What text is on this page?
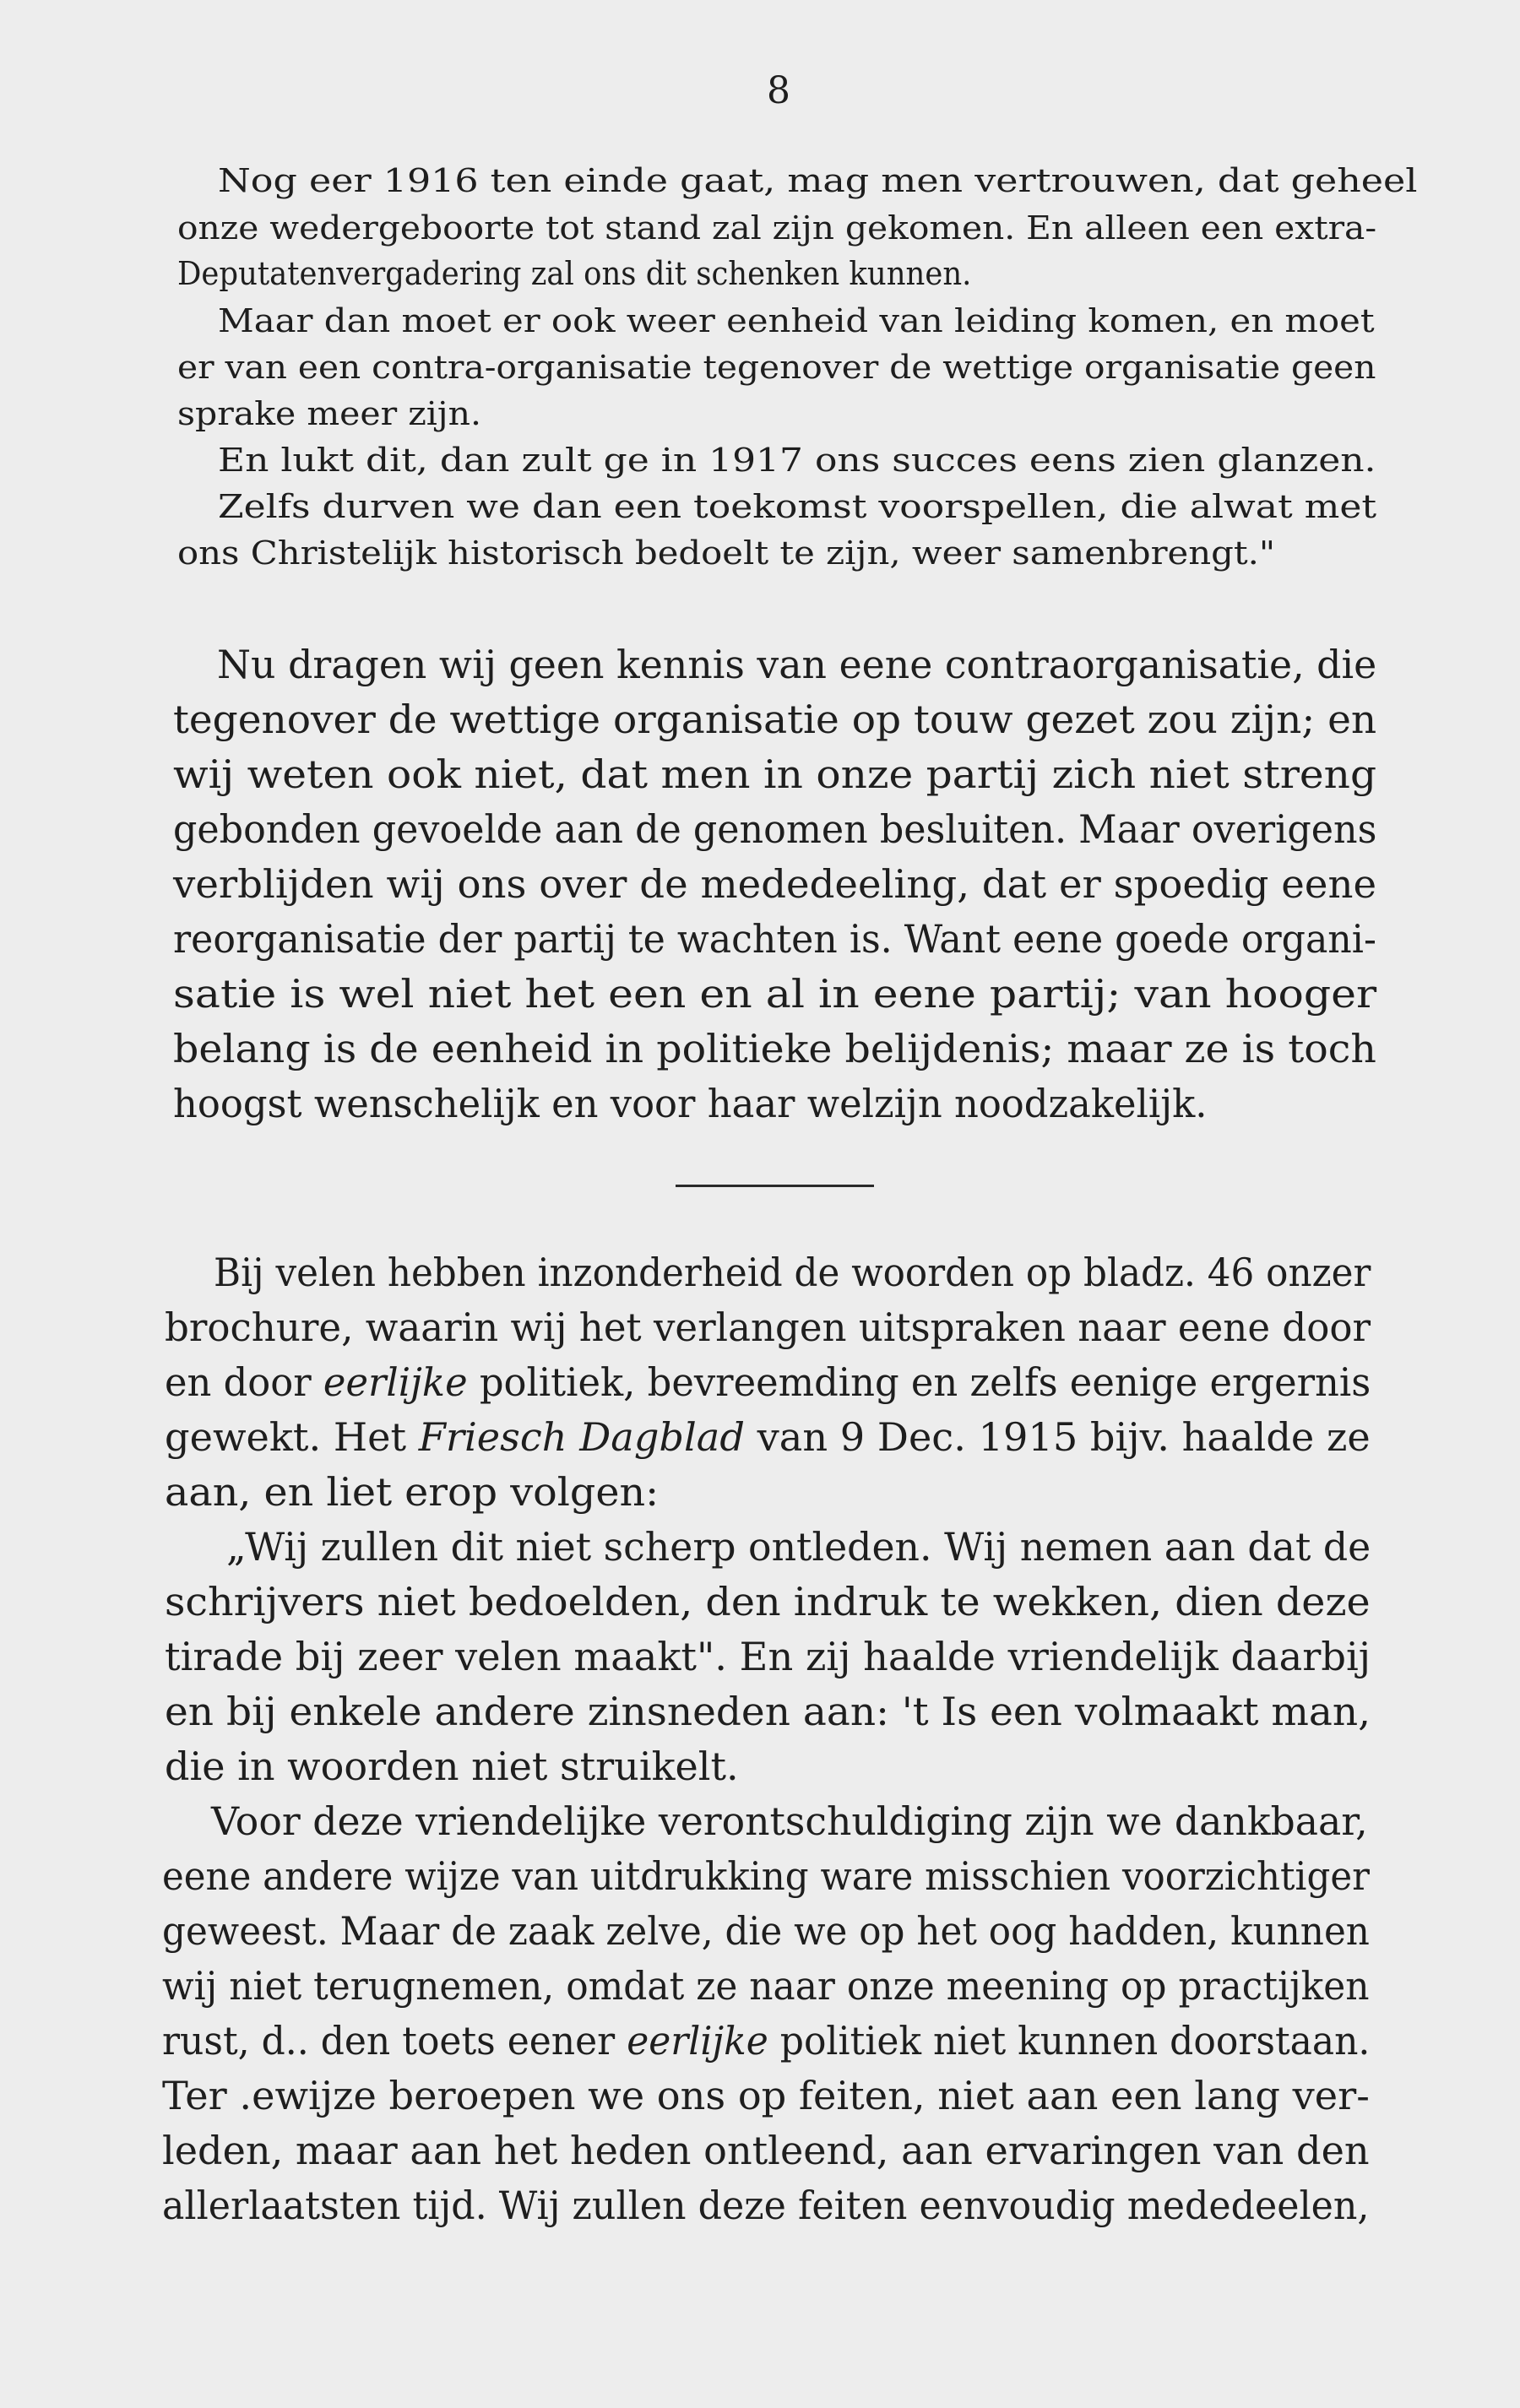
8
Nog eer 1916 ten einde gaat, mag men vertrouwen, dat geheel
onze wedergeboorte tot stand zal zijn gekomen. En alleen een extra-
Deputatenvergadering zal ons dit schenken kunnen.
Maar dan moet er ook weer eenheid van leiding komen, en moet
er van een contra-organisatie tegenover de wettige organisatie geen
sprake meer zijn.
En lukt dit, dan zult ge in 1917 ons succes eens zien glanzen.
Zelfs durven we dan een toekomst voorspellen, die alwat met
ons Christelijk historisch bedoelt te zijn, weer samenbrengt."
Nu dragen wij geen kennis van eene contraorganisatie, die
tegenover de wettige organisatie op touw gezet zou zijn; en
wij weten ook niet, dat men in onze partij zich niet streng
gebonden gevoelde aan de genomen besluiten. Maar overigens
verblijden wij ons over de mededeeling, dat er spoedig eene
reorganisatie der partij te wachten is. Want eene goede organi-
satie is wel niet het een en al in eene partij; van hooger
belang is de eenheid in politieke belijdenis; maar ze is toch
hoogst wenschelijk en voor haar welzijn noodzakelijk.
Bij velen hebben inzonderheid de woorden op bladz. 46 onzer
brochure, waarin wij het verlangen uitspraken naar eene door
en door eerlijke politiek, bevreemding en zelfs eenige ergernis
gewekt. Het Friesch Dagblad van 9 Dec. 1915 bijv. haalde ze
aan, en liet erop volgen:
„Wij zullen dit niet scherp ontleden. Wij nemen aan dat de
schrijvers niet bedoelden, den indruk te wekken, dien deze
tirade bij zeer velen maakt". En zij haalde vriendelijk daarbij
en bij enkele andere zinsneden aan: 't Is een volmaakt man,
die in woorden niet struikelt.
Voor deze vriendelijke verontschuldiging zijn we dankbaar,
eene andere wijze van uitdrukking ware misschien voorzichtiger
geweest. Maar de zaak zelve, die we op het oog hadden, kunnen
wij niet terugnemen, omdat ze naar onze meening op practijken
rust, d.. den toets eener eerlijke politiek niet kunnen doorstaan.
Ter .ewijze beroepen we ons op feiten, niet aan een lang ver-
leden, maar aan het heden ontleend, aan ervaringen van den
allerlaatsten tijd. Wij zullen deze feiten eenvoudig mededeelen,
